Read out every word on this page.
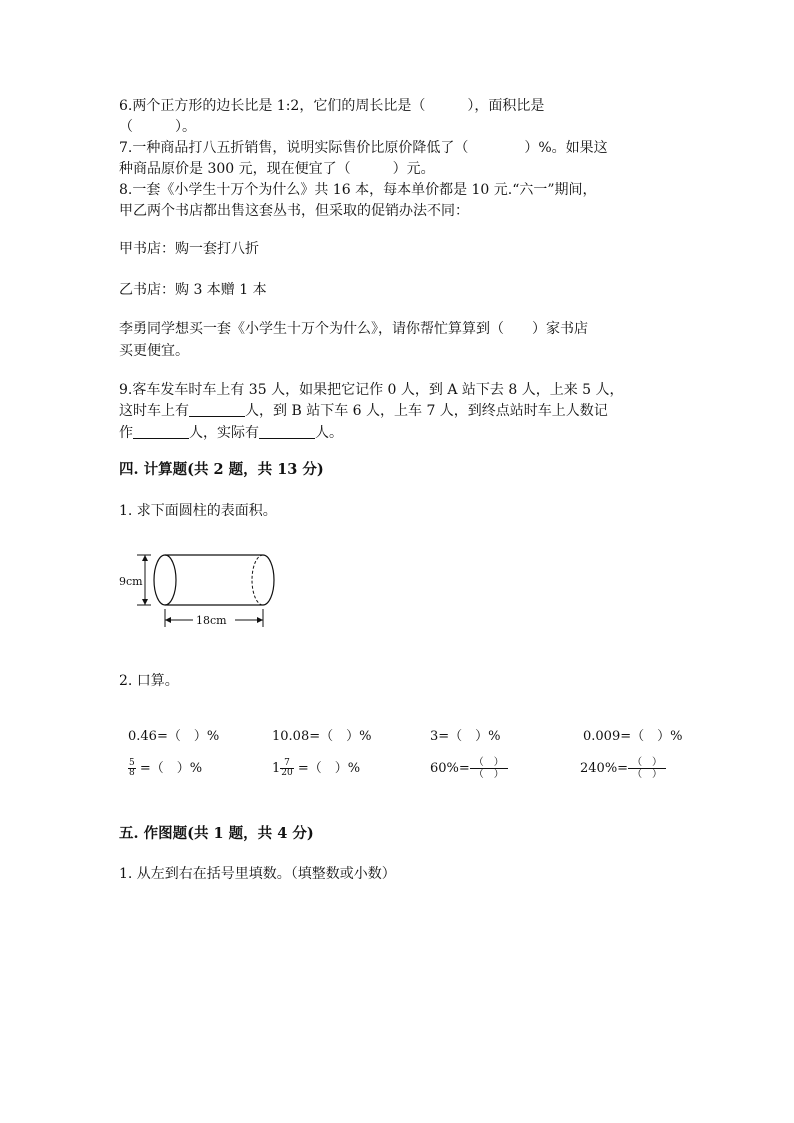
6.两个正方形的边长比是 1:2，它们的周长比是（　　　），面积比是
（　　　）。
7.一种商品打八五折销售，说明实际售价比原价降低了（　　　　）%。如果这
种商品原价是 300 元，现在便宜了（　　　）元。
8.一套《小学生十万个为什么》共 16 本，每本单价都是 10 元.“六一”期间，
甲乙两个书店都出售这套丛书，但采取的促销办法不同：
甲书店：购一套打八折
乙书店：购 3 本赠 1 本
李勇同学想买一套《小学生十万个为什么》，请你帮忙算算到（　　）家书店
买更便宜。
9.客车发车时车上有 35 人，如果把它记作 0 人，到 A 站下去 8 人，上来 5 人，
这时车上有	人，到 B 站下车 6 人，上车 7 人，到终点站时车上人数记
作	人，实际有	人。
四. 计算题(共 2 题，共 13 分)
1. 求下面圆柱的表面积。
9cm
18cm
2. 口算。
0.46=（　）%	10.08=（　）%	3=（　）%	0.009=（　）%
$\frac{5}{8}$ =（　）%	$1 \frac{7}{20}$ =（　）%	$60\%= \frac{( )}{( )}$	$240\%= \frac{( )}{( )}$
五. 作图题(共 1 题，共 4 分)
1. 从左到右在括号里填数。（填整数或小数）
